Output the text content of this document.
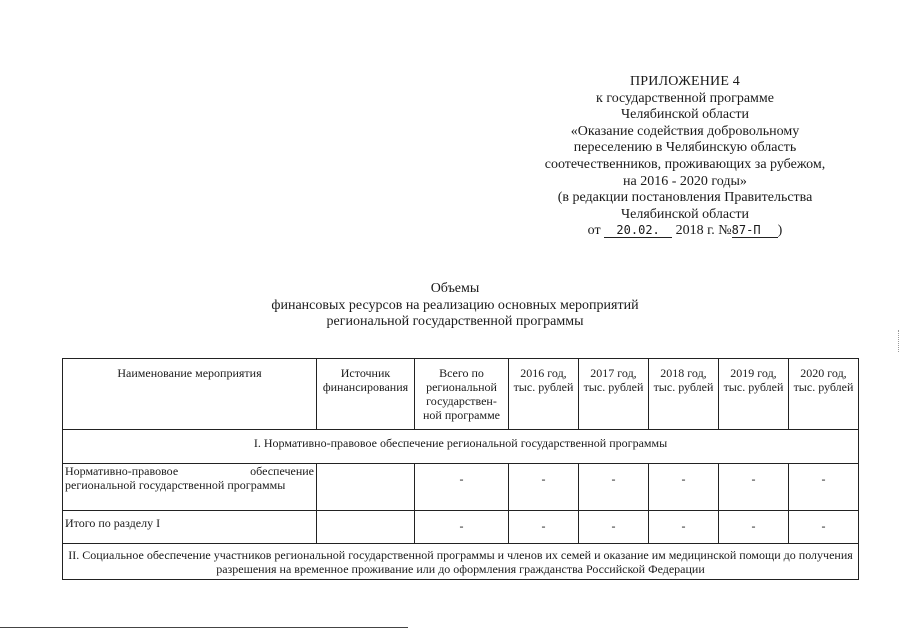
ПРИЛОЖЕНИЕ 4
к государственной программе
Челябинской области
«Оказание содействия добровольному
переселению в Челябинскую область
соотечественников, проживающих за рубежом,
на 2016 - 2020 годы»
(в редакции постановления Правительства
Челябинской области
от 20.02. 2018 г. №87-П )
Объемы
финансовых ресурсов на реализацию основных мероприятий
региональной государственной программы
Наименование мероприятия	Источник финансирования	Всего по региональной государствен-ной программе	2016 год, тыс. рублей	2017 год, тыс. рублей	2018 год, тыс. рублей	2019 год, тыс. рублей	2020 год, тыс. рублей
I. Нормативно-правовое обеспечение региональной государственной программы							
Нормативно-правовое обеспечение региональной государственной программы		-	-	-	-	-	-
Итого по разделу I		-	-	-	-	-	-
II. Социальное обеспечение участников региональной государственной программы и членов их семей и оказание им медицинской помощи до получения разрешения на временное проживание или до оформления гражданства Российской Федерации							
